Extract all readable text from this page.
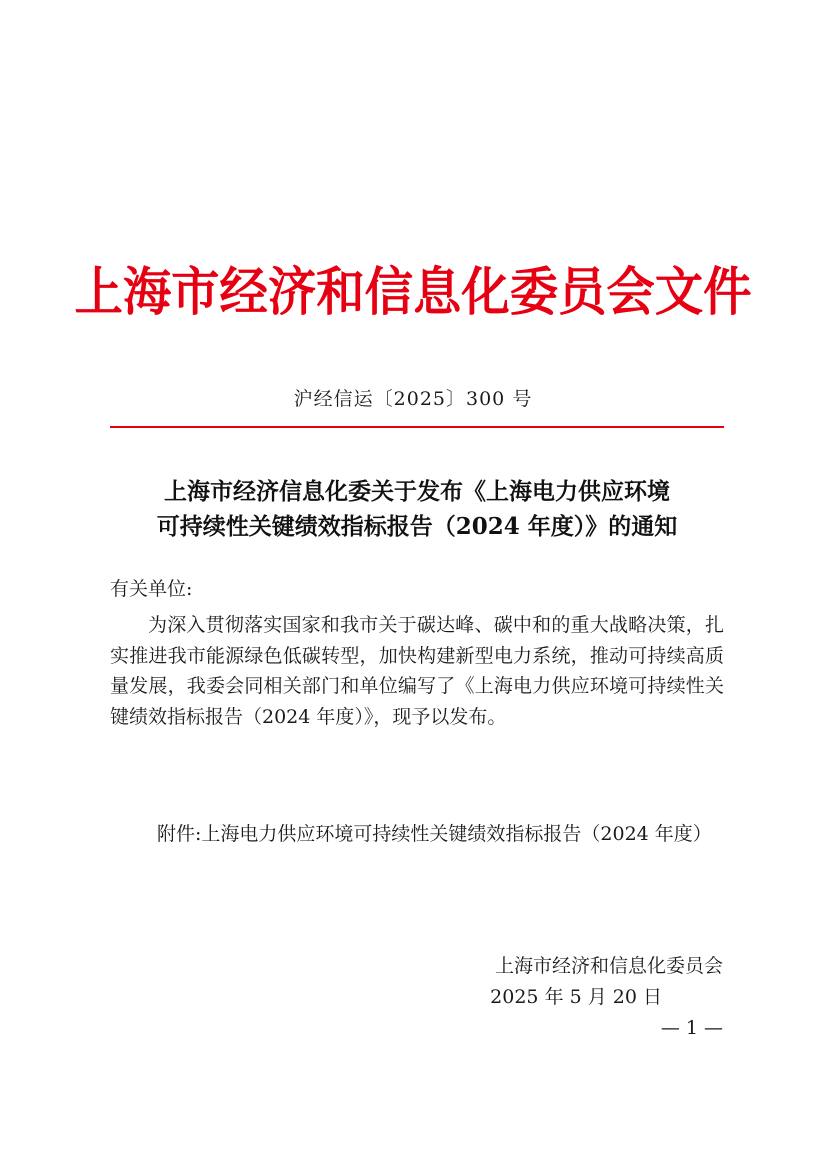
上海市经济和信息化委员会文件
沪经信运〔2025〕300 号
上海市经济信息化委关于发布《上海电力供应环境
可持续性关键绩效指标报告（2024 年度）》的通知
有关单位:
为深入贯彻落实国家和我市关于碳达峰、碳中和的重大战略决策，扎实推进我市能源绿色低碳转型，加快构建新型电力系统，推动可持续高质量发展，我委会同相关部门和单位编写了《上海电力供应环境可持续性关键绩效指标报告（2024 年度）》，现予以发布。
附件: 上海电力供应环境可持续性关键绩效指标报告（2024 年度）
上海市经济和信息化委员会
2025 年 5 月 20 日
— 1 —
